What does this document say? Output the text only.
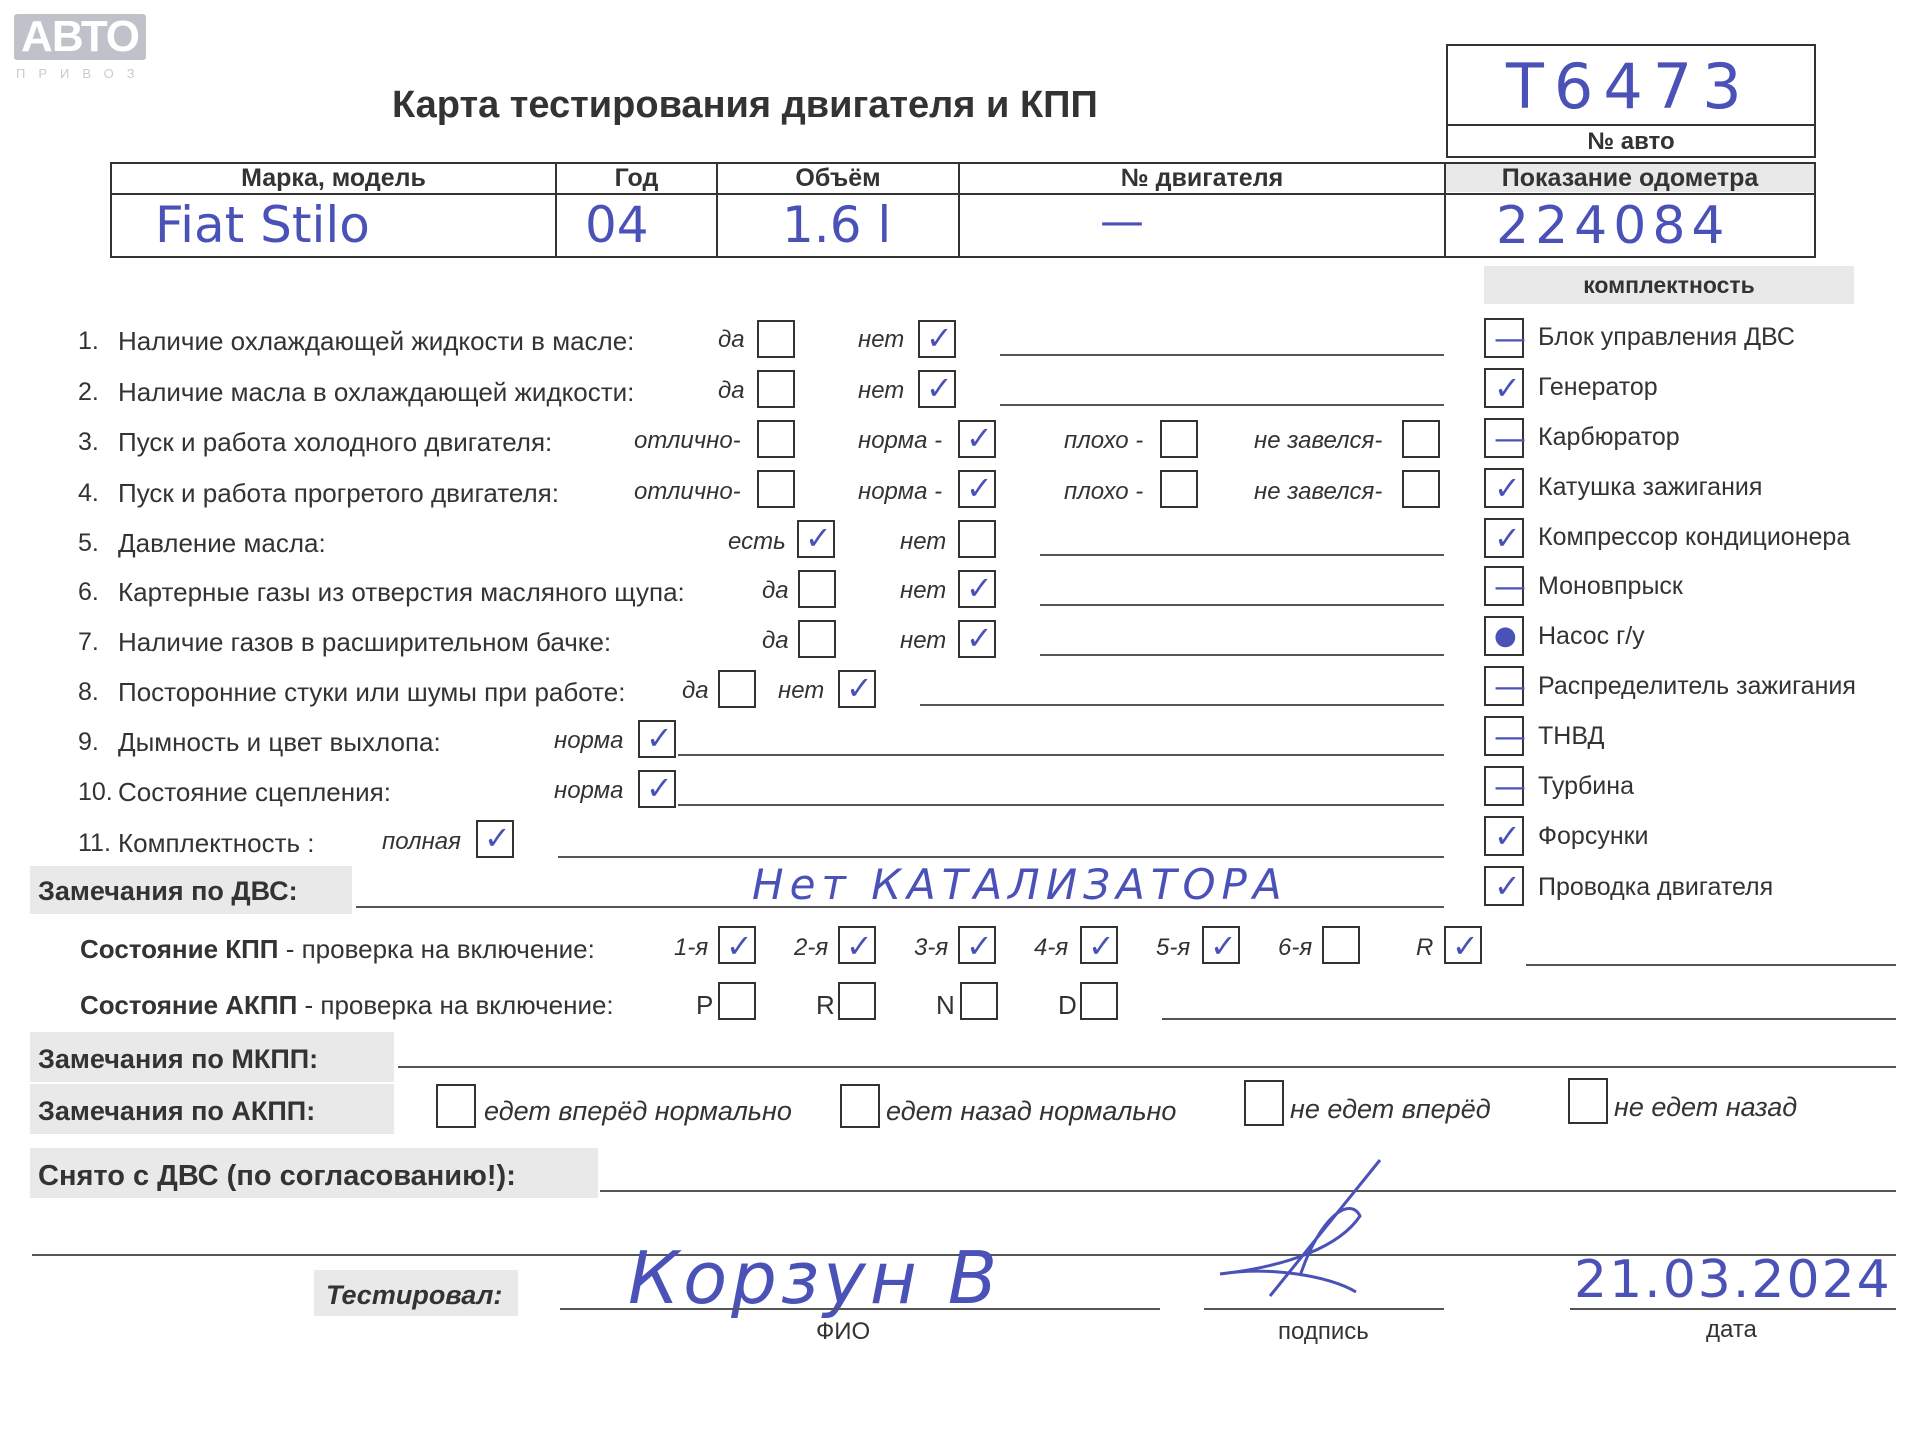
АВТО
ПРИВОЗ
Карта тестирования двигателя и КПП	Т6473
№ авто
Марка, модель	Год	Объём	№ двигателя	Показание одометра
Fiat Stilo	04	1.6 l	—	224084
комплектность
1. Наличие охлаждающей жидкости в масле:	да	нет ✓
2. Наличие масла в охлаждающей жидкости:	да	нет ✓
3. Пуск и работа холодного двигателя:	отлично-	норма - ✓	плохо -	не завелся-
4. Пуск и работа прогретого двигателя:	отлично-	норма - ✓	плохо -	не завелся-
5. Давление масла:	есть ✓	нет
6. Картерные газы из отверстия масляного щупа:	да	нет ✓
7. Наличие газов в расширительном бачке:	да	нет ✓
8. Посторонние стуки или шумы при работе: да	нет ✓
9. Дымность и цвет выхлопа:	норма ✓
10. Состояние сцепления:	норма ✓
11. Комплектность :	полная ✓
— Блок управления ДВС
✓ Генератор
— Карбюратор
✓ Катушка зажигания
✓ Компрессор кондиционера
— Моновпрыск
● Насос г/у
— Распределитель зажигания
— ТНВД
— Турбина
✓ Форсунки
✓ Проводка двигателя
Замечания по ДВС:	Нет КАТАЛИЗАТОРА
Состояние КПП - проверка на включение:	1-я ✓ 2-я ✓ 3-я ✓ 4-я ✓ 5-я ✓ 6-я	R ✓
Состояние АКПП - проверка на включение:	P	R	N	D
Замечания по МКПП:
Замечания по АКПП:	едет вперёд нормально	едет назад нормально	не едет вперёд	не едет назад
Снято с ДВС (по согласованию!):
Тестировал: Корзун В
ФИО	подпись
21.03.2024
дата
